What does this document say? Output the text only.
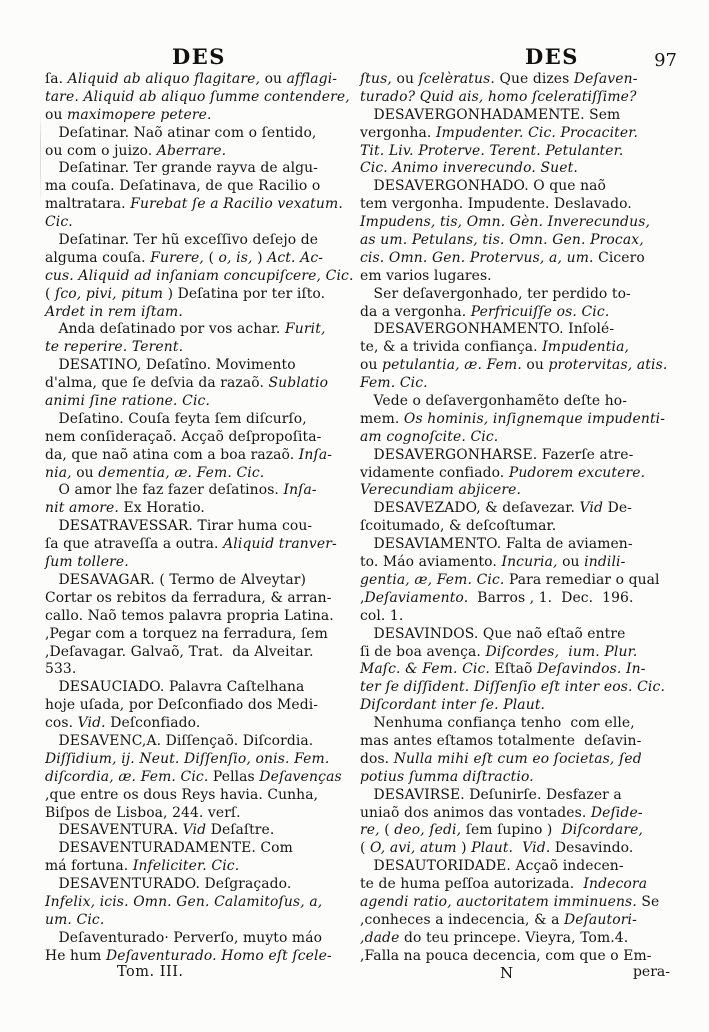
DES	DES	97
ſa. Aliquid ab aliquo flagitare, ou afflagi-
tare. Aliquid ab aliquo ſumme contendere,
ou maximopere petere.
Deſatinar. Naõ atinar com o ſentido,
ou com o juizo. Aberrare.
Deſatinar. Ter grande rayva de algu-
ma couſa. Deſatinava, de que Racilio o
maltratara. Furebat ſe a Racilio vexatum.
Cic.
Deſatinar. Ter hũ exceſſivo deſejo de
alguma couſa. Furere, ( o, is, ) Act. Ac-
cus. Aliquid ad inſaniam concupiſcere, Cic.
( ſco, pivi, pitum ) Deſatina por ter iſto.
Ardet in rem iſtam.
Anda deſatinado por vos achar. Furit,
te reperire. Terent.
DESATINO, Deſatîno. Movimento
d'alma, que ſe deſvia da razaõ. Sublatio
animi ſine ratione. Cic.
Deſatino. Couſa feyta ſem diſcurſo,
nem conſideraçaõ. Acçaõ deſpropoſita-
da, que naõ atina com a boa razaõ. Inſa-
nia, ou dementia, æ. Fem. Cic.
O amor lhe faz fazer deſatinos. Inſa-
nit amore. Ex Horatio.
DESATRAVESSAR. Tirar huma cou-
ſa que atraveſſa a outra. Aliquid tranver-
ſum tollere.
DESAVAGAR. ( Termo de Alveytar)
Cortar os rebitos da ferradura, & arran-
callo. Naõ temos palavra propria Latina.
,Pegar com a torquez na ferradura, ſem
,Deſavagar. Galvaõ, Trat.  da Alveitar.
533.
DESAUCIADO. Palavra Caſtelhana
hoje uſada, por Deſconfiado dos Medi-
cos. Vid. Deſconfiado.
DESAVENC,A. Diſſençaõ. Diſcordia.
Diſſidium, ij. Neut. Diſſenſio, onis. Fem.
diſcordia, æ. Fem. Cic. Pellas Deſavenças
,que entre os dous Reys havia. Cunha,
Biſpos de Lisboa, 244. verſ.
DESAVENTURA. Vid Deſaſtre.
DESAVENTURADAMENTE. Com
má fortuna. Infeliciter. Cic.
DESAVENTURADO. Deſgraçado.
Infelix, icis. Omn. Gen. Calamitoſus, a,
um. Cic.
Deſaventurado· Perverſo, muyto máo
He hum Deſaventurado. Homo eſt ſcele-
ſtus, ou ſcelèratus. Que dizes Deſaven-
turado? Quid ais, homo ſceleratiſſime?
DESAVERGONHADAMENTE. Sem
vergonha. Impudenter. Cic. Procaciter.
Tit. Liv. Proterve. Terent. Petulanter.
Cic. Animo inverecundo. Suet.
DESAVERGONHADO. O que naõ
tem vergonha. Impudente. Deslavado.
Impudens, tis, Omn. Gèn. Inverecundus,
as um. Petulans, tis. Omn. Gen. Procax,
cis. Omn. Gen. Protervus, a, um. Cicero
em varios lugares.
Ser deſavergonhado, ter perdido to-
da a vergonha. Perfricuiſſe os. Cic.
DESAVERGONHAMENTO. Inſolé-
te, & a trivida confiança. Impudentia,
ou petulantia, æ. Fem. ou protervitas, atis.
Fem. Cic.
Vede o deſavergonhamẽto deſte ho-
mem. Os hominis, inſignemque impudenti-
am cognoſcite. Cic.
DESAVERGONHARSE. Fazerſe atre-
vidamente confiado. Pudorem excutere.
Verecundiam abjicere.
DESAVEZADO, & deſavezar. Vid De-
ſcoitumado, & deſcoſtumar.
DESAVIAMENTO. Falta de aviamen-
to. Máo aviamento. Incuria, ou indili-
gentia, æ, Fem. Cic. Para remediar o qual
,Deſaviamento.  Barros , 1.  Dec.  196.
col. 1.
DESAVINDOS. Que naõ eſtaõ entre
ſi de boa avença. Diſcordes,  ium. Plur.
Maſc. & Fem. Cic. Eſtaõ Deſavindos. In-
ter ſe diſſident. Diſſenſio eſt inter eos. Cic.
Diſcordant inter ſe. Plaut.
Nenhuma confiança tenho  com elle,
mas antes eſtamos totalmente  deſavin-
dos. Nulla mihi eſt cum eo ſocietas, ſed
potius ſumma diſtractio.
DESAVIRSE. Deſunirſe. Desfazer a
uniaõ dos animos das vontades. Deſide-
re, ( deo, ſedi, ſem ſupino )  Diſcordare,
( O, avi, atum ) Plaut.  Vid. Desavindo.
DESAUTORIDADE. Acçaõ indecen-
te de huma peſſoa autorizada.  Indecora
agendi ratio, auctoritatem imminuens. Se
,conheces a indecencia, & a Deſautori-
,dade do teu princepe. Vieyra, Tom.4.
,Falla na pouca decencia, com que o Em-
Tom. III.	N	pera-
